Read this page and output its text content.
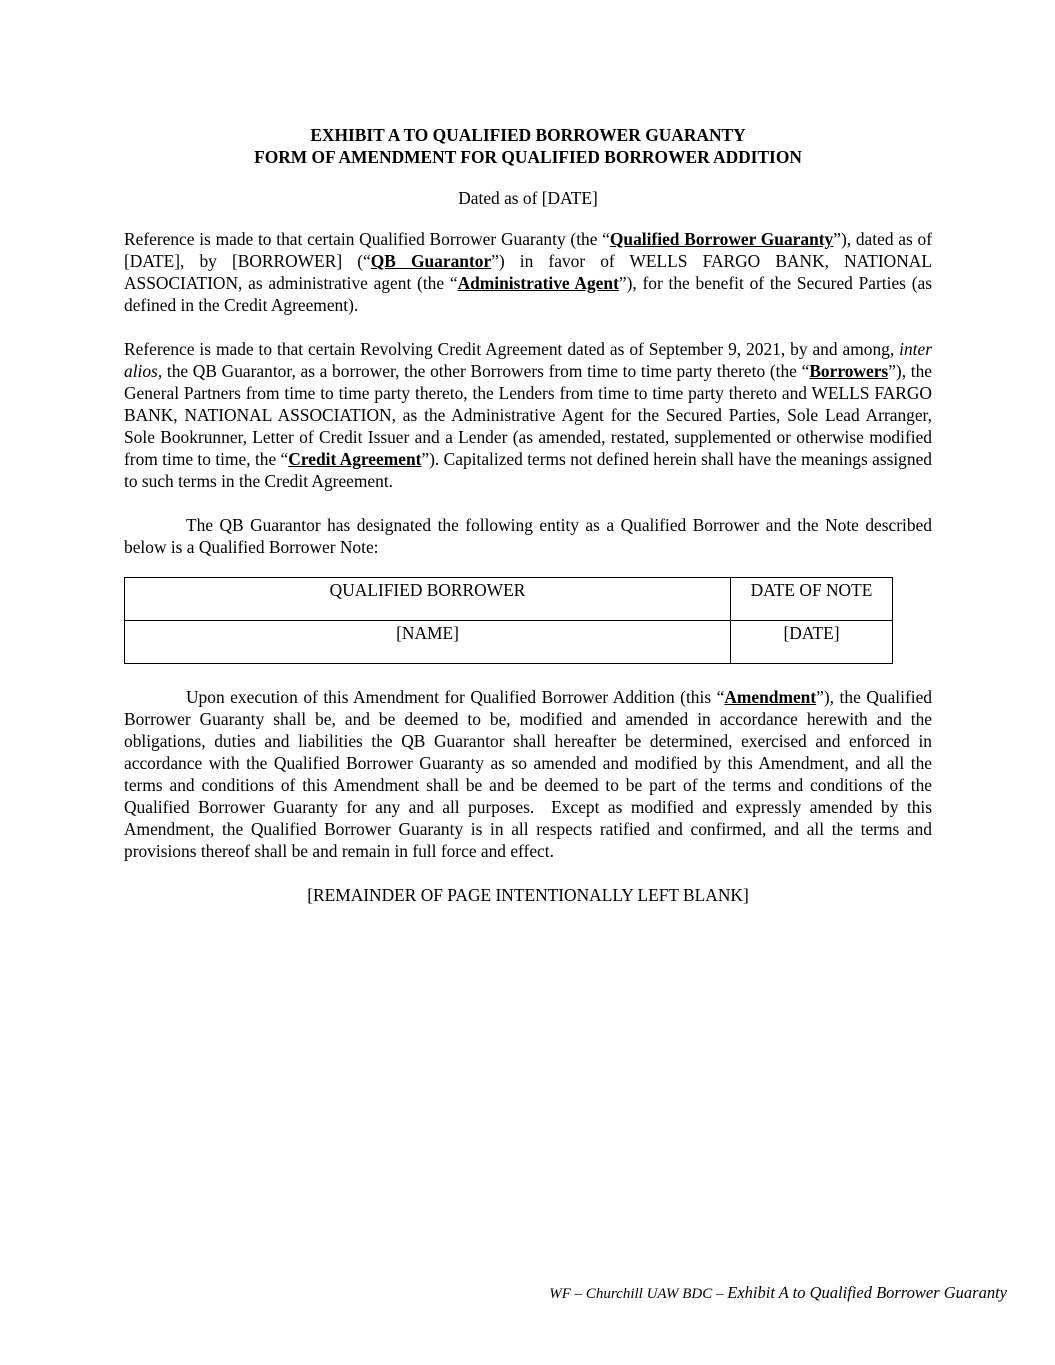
EXHIBIT A TO QUALIFIED BORROWER GUARANTY
FORM OF AMENDMENT FOR QUALIFIED BORROWER ADDITION
Dated as of [DATE]

Reference is made to that certain Qualified Borrower Guaranty (the “Qualified Borrower Guaranty”), dated as of [DATE], by [BORROWER] (“QB Guarantor”) in favor of WELLS FARGO BANK, NATIONAL ASSOCIATION, as administrative agent (the “Administrative Agent”), for the benefit of the Secured Parties (as defined in the Credit Agreement).

Reference is made to that certain Revolving Credit Agreement dated as of September 9, 2021, by and among, inter alios, the QB Guarantor, as a borrower, the other Borrowers from time to time party thereto (the “Borrowers”), the General Partners from time to time party thereto, the Lenders from time to time party thereto and WELLS FARGO BANK, NATIONAL ASSOCIATION, as the Administrative Agent for the Secured Parties, Sole Lead Arranger, Sole Bookrunner, Letter of Credit Issuer and a Lender (as amended, restated, supplemented or otherwise modified from time to time, the “Credit Agreement”). Capitalized terms not defined herein shall have the meanings assigned to such terms in the Credit Agreement.

The QB Guarantor has designated the following entity as a Qualified Borrower and the Note described below is a Qualified Borrower Note:

QUALIFIED BORROWER	DATE OF NOTE

[NAME]	[DATE]

Upon execution of this Amendment for Qualified Borrower Addition (this “Amendment”), the Qualified Borrower Guaranty shall be, and be deemed to be, modified and amended in accordance herewith and the obligations, duties and liabilities the QB Guarantor shall hereafter be determined, exercised and enforced in accordance with the Qualified Borrower Guaranty as so amended and modified by this Amendment, and all the terms and conditions of this Amendment shall be and be deemed to be part of the terms and conditions of the Qualified Borrower Guaranty for any and all purposes.  Except as modified and expressly amended by this Amendment, the Qualified Borrower Guaranty is in all respects ratified and confirmed, and all the terms and provisions thereof shall be and remain in full force and effect.

[REMAINDER OF PAGE INTENTIONALLY LEFT BLANK]
WF – Churchill UAW BDC – Exhibit A to Qualified Borrower Guaranty
